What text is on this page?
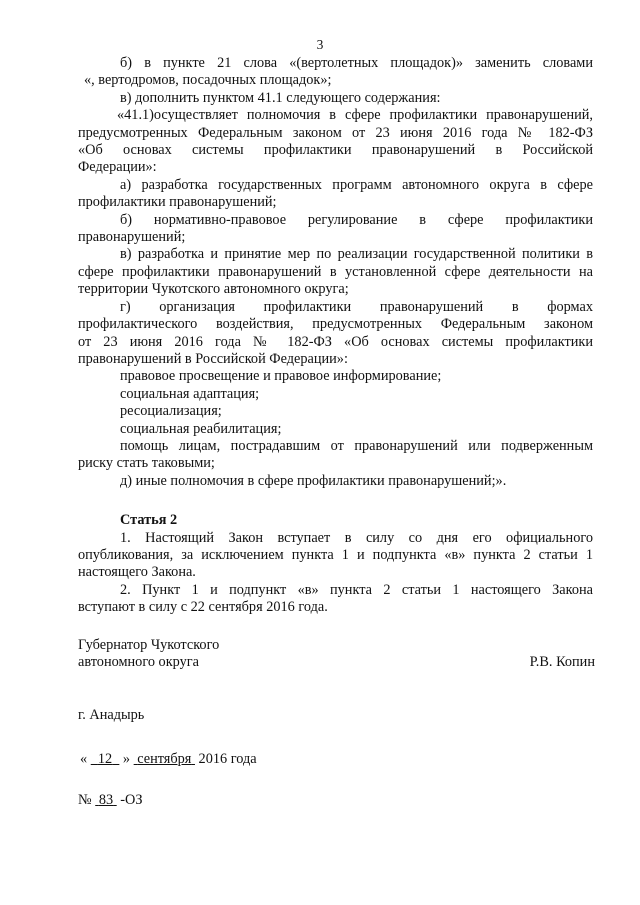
3

б) в пункте 21 слова «(вертолетных площадок)» заменить словами

«, вертодромов, посадочных площадок»;

в) дополнить пунктом 41.1 следующего содержания:

«41.1)осуществляет полномочия в сфере профилактики правонарушений,

предусмотренных Федеральным законом от 23 июня 2016 года № 182-ФЗ

«Об основах системы профилактики правонарушений в Российской

Федерации»:

а) разработка государственных программ автономного округа в сфере

профилактики правонарушений;

б) нормативно-правовое регулирование в сфере профилактики

правонарушений;

в) разработка и принятие мер по реализации государственной политики в

сфере профилактики правонарушений в установленной сфере деятельности на

территории Чукотского автономного округа;

г) организация профилактики правонарушений в формах

профилактического воздействия, предусмотренных Федеральным законом

от 23 июня 2016 года № 182-ФЗ «Об основах системы профилактики

правонарушений в Российской Федерации»:

правовое просвещение и правовое информирование;

социальная адаптация;

ресоциализация;

социальная реабилитация;

помощь лицам, пострадавшим от правонарушений или подверженным

риску стать таковыми;

д) иные полномочия в сфере профилактики правонарушений;».

Статья 2

1. Настоящий Закон вступает в силу со дня его официального

опубликования, за исключением пункта 1 и подпункта «в» пункта 2 статьи 1

настоящего Закона.

2. Пункт 1 и подпункт «в» пункта 2 статьи 1 настоящего Закона

вступают в силу с 22 сентября 2016 года.

Губернатор Чукотского
автономного округа	Р.В. Копин
г. Анадырь
« 12 » сентября 2016 года
№ 83 -ОЗ
